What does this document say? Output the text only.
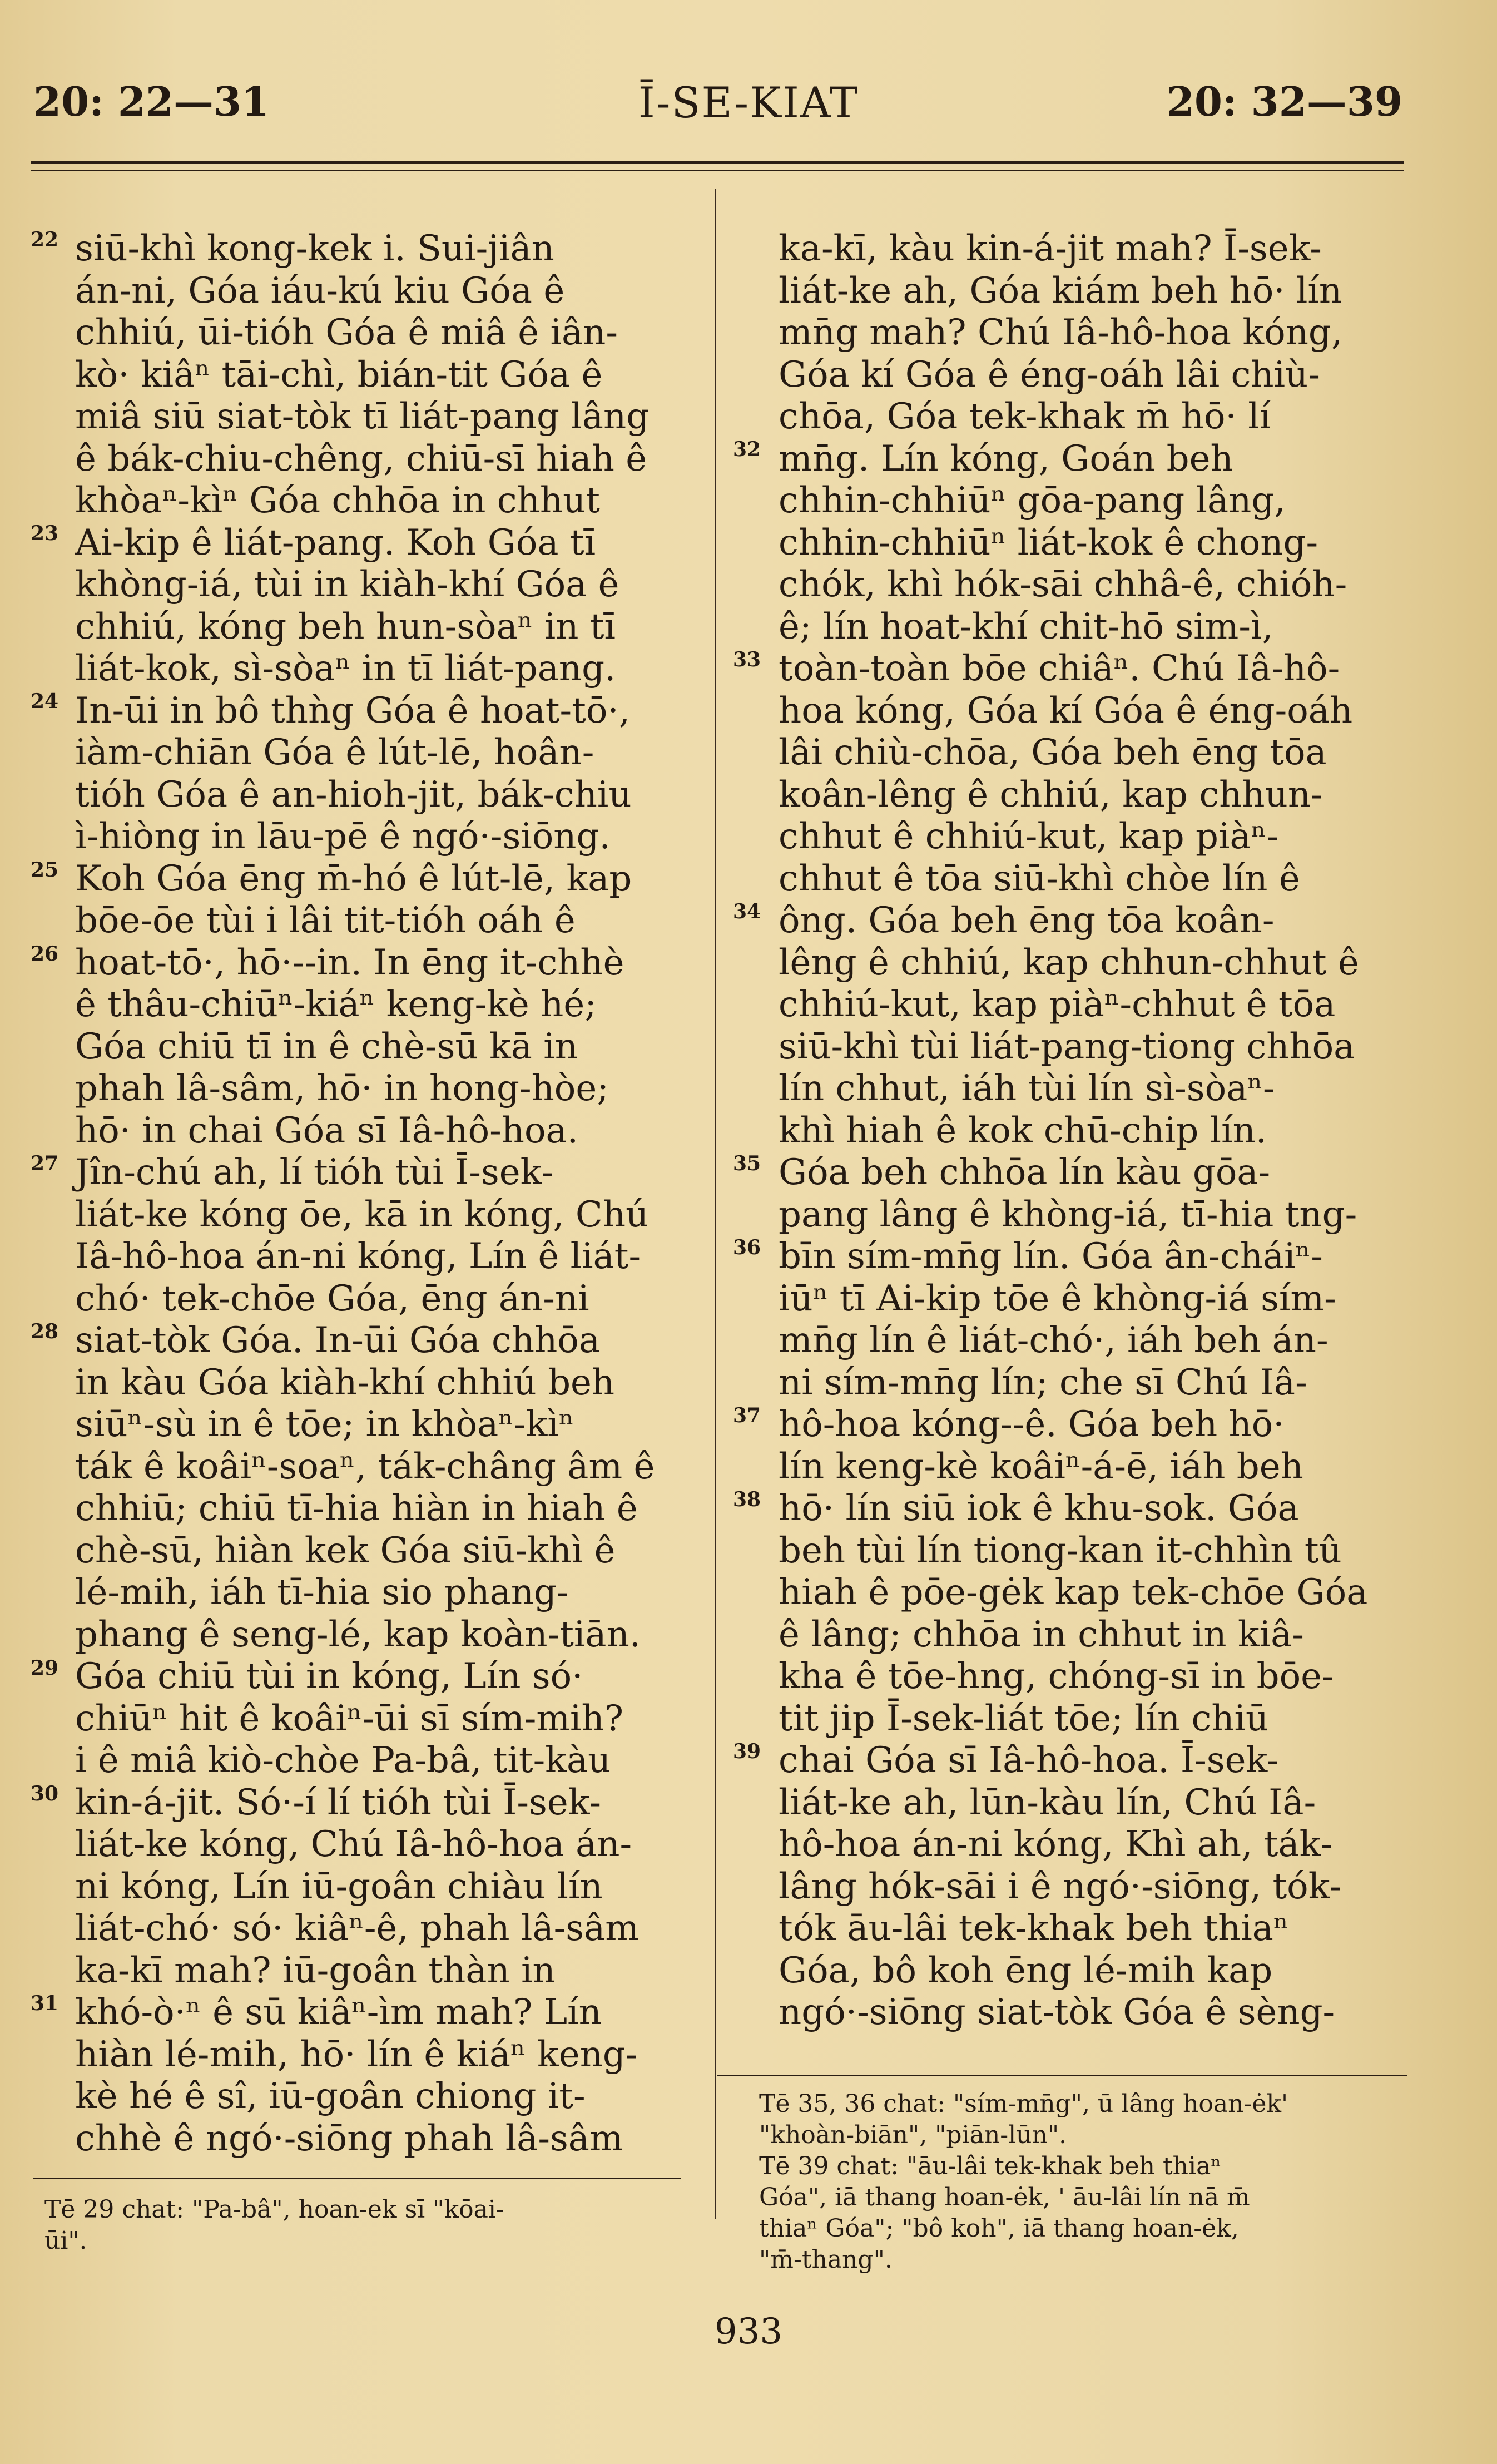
20: 22—31	Ī-SE-KIAT	20: 32—39
22
23
24
25
26
27
28
29
30
31
siū-khì kong-kek i. Sui-jiân
án-ni, Góa iáu-kú kiu Góa ê
chhiú, ūi-tióh Góa ê miâ ê iân-
kò· kiâⁿ tāi-chì, bián-tit Góa ê
miâ siū siat-tòk tī liát-pang lâng
ê bák-chiu-chêng, chiū-sī hiah ê
khòaⁿ-kìⁿ Góa chhōa in chhut
Ai-kip ê liát-pang. Koh Góa tī
khòng-iá, tùi in kiàh-khí Góa ê
chhiú, kóng beh hun-sòaⁿ in tī
liát-kok, sì-sòaⁿ in tī liát-pang.
In-ūi in bô thǹg Góa ê hoat-tō·,
iàm-chiān Góa ê lút-lē, hoân-
tióh Góa ê an-hioh-jit, bák-chiu
ì-hiòng in lāu-pē ê ngó·-siōng.
Koh Góa ēng m̄-hó ê lút-lē, kap
bōe-ōe tùi i lâi tit-tióh oáh ê
hoat-tō·, hō·--in. In ēng it-chhè
ê thâu-chiūⁿ-kiáⁿ keng-kè hé;
Góa chiū tī in ê chè-sū kā in
phah lâ-sâm, hō· in hong-hòe;
hō· in chai Góa sī Iâ-hô-hoa.
Jîn-chú ah, lí tióh tùi Ī-sek-
liát-ke kóng ōe, kā in kóng, Chú
Iâ-hô-hoa án-ni kóng, Lín ê liát-
chó· tek-chōe Góa, ēng án-ni
siat-tòk Góa. In-ūi Góa chhōa
in kàu Góa kiàh-khí chhiú beh
siūⁿ-sù in ê tōe; in khòaⁿ-kìⁿ
ták ê koâiⁿ-soaⁿ, ták-châng âm ê
chhiū; chiū tī-hia hiàn in hiah ê
chè-sū, hiàn kek Góa siū-khì ê
lé-mih, iáh tī-hia sio phang-
phang ê seng-lé, kap koàn-tiān.
Góa chiū tùi in kóng, Lín só·
chiūⁿ hit ê koâiⁿ-ūi sī sím-mih?
i ê miâ kiò-chòe Pa-bâ, tit-kàu
kin-á-jit. Só·-í lí tióh tùi Ī-sek-
liát-ke kóng, Chú Iâ-hô-hoa án-
ni kóng, Lín iū-goân chiàu lín
liát-chó· só· kiâⁿ-ê, phah lâ-sâm
ka-kī mah? iū-goân thàn in
khó-ò·ⁿ ê sū kiâⁿ-ìm mah? Lín
hiàn lé-mih, hō· lín ê kiáⁿ keng-
kè hé ê sî, iū-goân chiong it-
chhè ê ngó·-siōng phah lâ-sâm
32
33
34
35
36
37
38
39
ka-kī, kàu kin-á-jit mah? Ī-sek-
liát-ke ah, Góa kiám beh hō· lín
mn̄g mah? Chú Iâ-hô-hoa kóng,
Góa kí Góa ê éng-oáh lâi chiù-
chōa, Góa tek-khak m̄ hō· lí
mn̄g. Lín kóng, Goán beh
chhin-chhiūⁿ gōa-pang lâng,
chhin-chhiūⁿ liát-kok ê chong-
chók, khì hók-sāi chhâ-ê, chióh-
ê; lín hoat-khí chit-hō sim-ì,
toàn-toàn bōe chiâⁿ. Chú Iâ-hô-
hoa kóng, Góa kí Góa ê éng-oáh
lâi chiù-chōa, Góa beh ēng tōa
koân-lêng ê chhiú, kap chhun-
chhut ê chhiú-kut, kap piàⁿ-
chhut ê tōa siū-khì chòe lín ê
ông. Góa beh ēng tōa koân-
lêng ê chhiú, kap chhun-chhut ê
chhiú-kut, kap piàⁿ-chhut ê tōa
siū-khì tùi liát-pang-tiong chhōa
lín chhut, iáh tùi lín sì-sòaⁿ-
khì hiah ê kok chū-chip lín.
Góa beh chhōa lín kàu gōa-
pang lâng ê khòng-iá, tī-hia tng-
bīn sím-mn̄g lín. Góa ân-cháiⁿ-
iūⁿ tī Ai-kip tōe ê khòng-iá sím-
mn̄g lín ê liát-chó·, iáh beh án-
ni sím-mn̄g lín; che sī Chú Iâ-
hô-hoa kóng--ê. Góa beh hō·
lín keng-kè koâiⁿ-á-ē, iáh beh
hō· lín siū iok ê khu-sok. Góa
beh tùi lín tiong-kan it-chhìn tû
hiah ê pōe-gėk kap tek-chōe Góa
ê lâng; chhōa in chhut in kiâ-
kha ê tōe-hng, chóng-sī in bōe-
tit jip Ī-sek-liát tōe; lín chiū
chai Góa sī Iâ-hô-hoa. Ī-sek-
liát-ke ah, lūn-kàu lín, Chú Iâ-
hô-hoa án-ni kóng, Khì ah, ták-
lâng hók-sāi i ê ngó·-siōng, tók-
tók āu-lâi tek-khak beh thiaⁿ
Góa, bô koh ēng lé-mih kap
ngó·-siōng siat-tòk Góa ê sèng-
Tē 29 chat: "Pa-bâ", hoan-ek sī "kōai-
ūi".
Tē 35, 36 chat: "sím-mn̄g", ū lâng hoan-ėk'
"khoàn-biān", "piān-lūn".
Tē 39 chat: "āu-lâi tek-khak beh thiaⁿ
Góa", iā thang hoan-ėk, ' āu-lâi lín nā m̄
thiaⁿ Góa"; "bô koh", iā thang hoan-ėk,
"m̄-thang".
933
